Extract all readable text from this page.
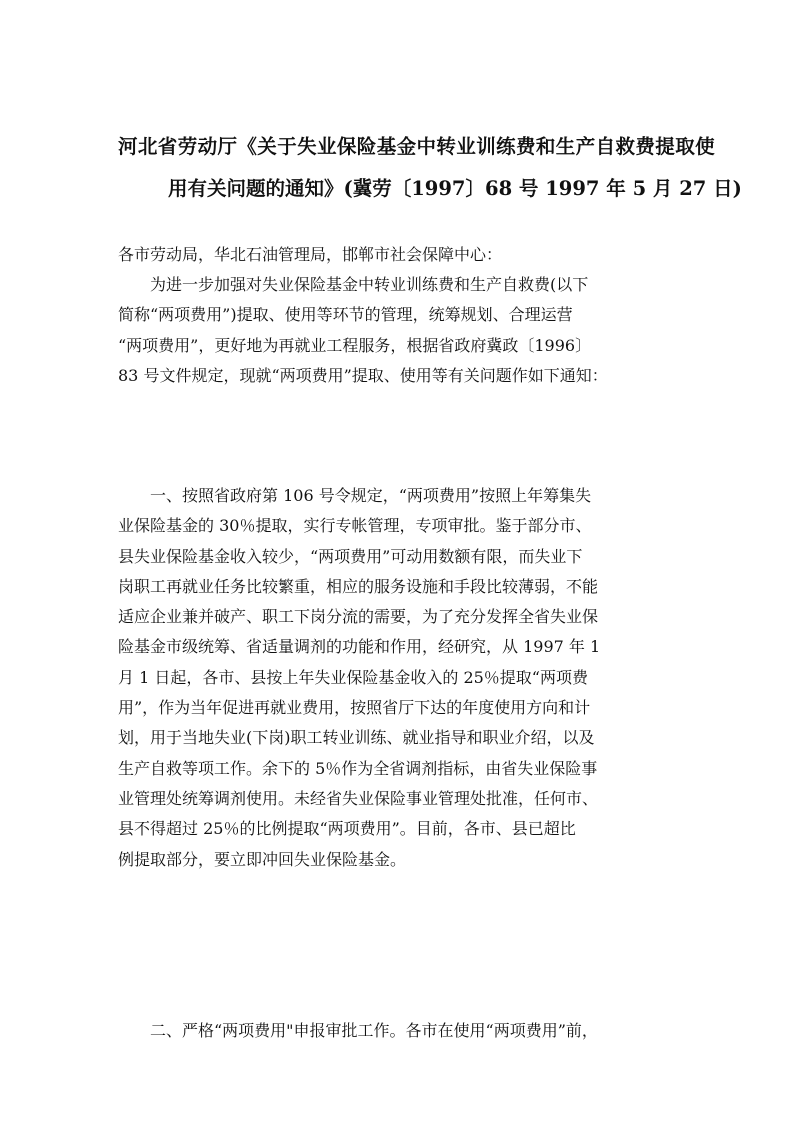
河北省劳动厅《关于失业保险基金中转业训练费和生产自救费提取使
用有关问题的通知》(冀劳〔1997〕68 号 1997 年 5 月 27 日)
各市劳动局，华北石油管理局，邯郸市社会保障中心：
为进一步加强对失业保险基金中转业训练费和生产自救费(以下
简称“两项费用”)提取、使用等环节的管理，统筹规划、合理运营
“两项费用”，更好地为再就业工程服务，根据省政府冀政〔1996〕
83 号文件规定，现就“两项费用”提取、使用等有关问题作如下通知：
一、按照省政府第 106 号令规定，“两项费用”按照上年筹集失
业保险基金的 30％提取，实行专帐管理，专项审批。鉴于部分市、
县失业保险基金收入较少，“两项费用”可动用数额有限，而失业下
岗职工再就业任务比较繁重，相应的服务设施和手段比较薄弱，不能
适应企业兼并破产、职工下岗分流的需要，为了充分发挥全省失业保
险基金市级统筹、省适量调剂的功能和作用，经研究，从 1997 年 1
月 1 日起，各市、县按上年失业保险基金收入的 25％提取“两项费
用”，作为当年促进再就业费用，按照省厅下达的年度使用方向和计
划，用于当地失业(下岗)职工转业训练、就业指导和职业介绍，以及
生产自救等项工作。余下的 5％作为全省调剂指标，由省失业保险事
业管理处统筹调剂使用。未经省失业保险事业管理处批准，任何市、
县不得超过 25％的比例提取“两项费用”。目前，各市、县已超比
例提取部分，要立即冲回失业保险基金。
二、严格“两项费用"申报审批工作。各市在使用“两项费用”前，
